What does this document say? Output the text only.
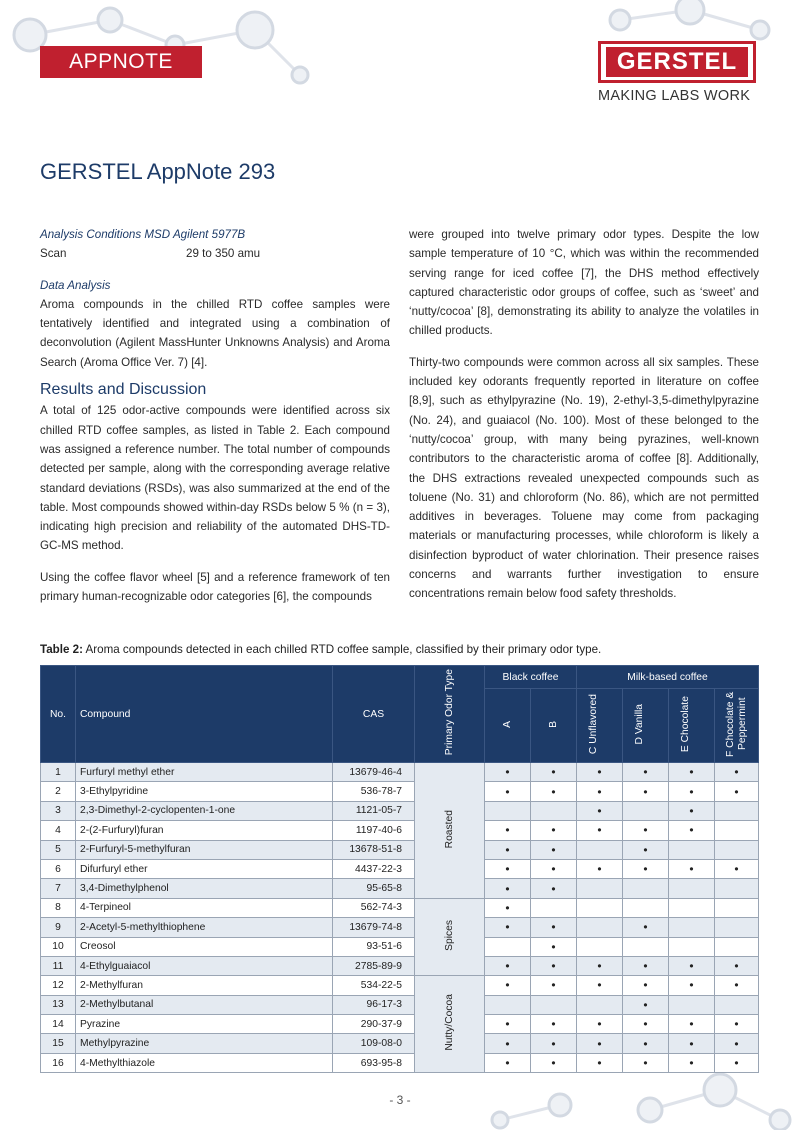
APPNOTE	GERSTEL
MAKING LABS WORK
GERSTEL AppNote 293
Analysis Conditions MSD Agilent 5977B
Scan	29 to 350 amu
Data Analysis

Aroma compounds in the chilled RTD coffee samples were tentatively identified and integrated using a combination of deconvolution (Agilent MassHunter Unknowns Analysis) and Aroma Search (Aroma Office Ver. 7) [4].

Results and Discussion

A total of 125 odor-active compounds were identified across six chilled RTD coffee samples, as listed in Table 2. Each compound was assigned a reference number. The total number of compounds detected per sample, along with the corresponding average relative standard deviations (RSDs), was also summarized at the end of the table. Most compounds showed within-day RSDs below 5 % (n = 3), indicating high precision and reliability of the automated DHS-TD-GC-MS method.

Using the coffee flavor wheel [5] and a reference framework of ten primary human-recognizable odor categories [6], the compounds

were grouped into twelve primary odor types. Despite the low sample temperature of 10 °C, which was within the recommended serving range for iced coffee [7], the DHS method effectively captured characteristic odor groups of coffee, such as ‘sweet’ and ‘nutty/cocoa’ [8], demonstrating its ability to analyze the volatiles in chilled products.

Thirty-two compounds were common across all six samples. These included key odorants frequently reported in literature on coffee [8,9], such as ethylpyrazine (No. 19), 2-ethyl-3,5-dimethylpyrazine (No. 24), and guaiacol (No. 100). Most of these belonged to the ‘nutty/cocoa’ group, with many being pyrazines, well-known contributors to the characteristic aroma of coffee [8]. Additionally, the DHS extractions revealed unexpected compounds such as toluene (No. 31) and chloroform (No. 86), which are not permitted additives in beverages. Toluene may come from packaging materials or manufacturing processes, while chloroform is likely a disinfection byproduct of water chlorination. Their presence raises concerns and warrants further investigation to ensure concentrations remain below food safety thresholds.

Table 2: Aroma compounds detected in each chilled RTD coffee sample, classified by their primary odor type.
No.	Compound	CAS	Primary Odor Type	Black coffee		Milk-based coffee			
				A	B	C Unflavored	D Vanilla	E Chocolate	F Chocolate & Peppermint
1	Furfuryl methyl ether	13679-46-4	Roasted	•	•	•	•	•	•
2	3-Ethylpyridine	536-78-7		•	•	•	•	•	•
3	2,3-Dimethyl-2-cyclopenten-1-one	1121-05-7				•		•	
4	2-(2-Furfuryl)furan	1197-40-6		•	•	•	•	•	
5	2-Furfuryl-5-methylfuran	13678-51-8		•	•		•		
6	Difurfuryl ether	4437-22-3		•	•	•	•	•	•
7	3,4-Dimethylphenol	95-65-8		•	•				
8	4-Terpineol	562-74-3	Spices	•					
9	2-Acetyl-5-methylthiophene	13679-74-8		•	•		•		
10	Creosol	93-51-6			•				
11	4-Ethylguaiacol	2785-89-9		•	•	•	•	•	•
12	2-Methylfuran	534-22-5	Nutty/Cocoa	•	•	•	•	•	•
13	2-Methylbutanal	96-17-3					•		
14	Pyrazine	290-37-9		•	•	•	•	•	•
15	Methylpyrazine	109-08-0		•	•	•	•	•	•
16	4-Methylthiazole	693-95-8		•	•	•	•	•	•
- 3 -
